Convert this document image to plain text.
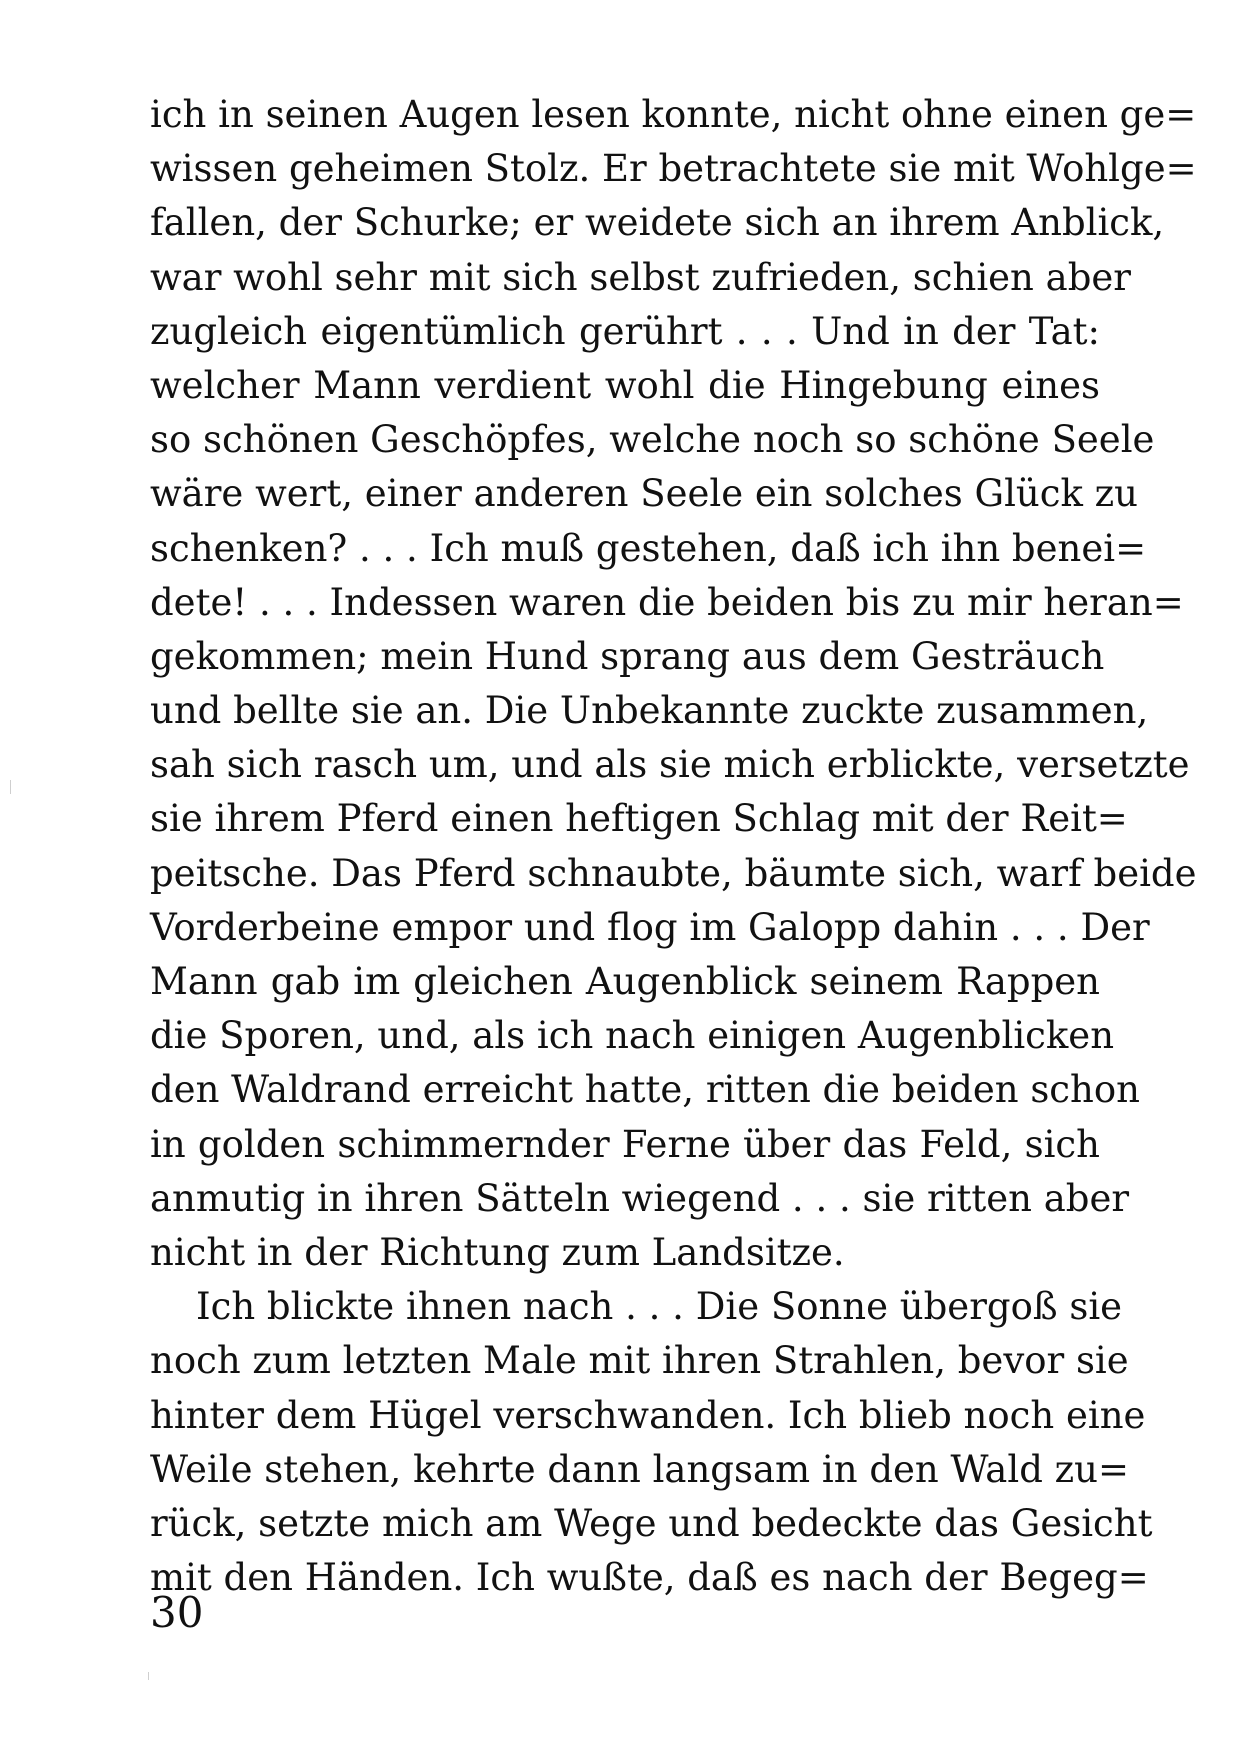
ich in seinen Augen lesen konnte, nicht ohne einen ge=
wissen geheimen Stolz. Er betrachtete sie mit Wohlge=
fallen, der Schurke; er weidete sich an ihrem Anblick,
war wohl sehr mit sich selbst zufrieden, schien aber
zugleich eigentümlich gerührt . . . Und in der Tat:
welcher Mann verdient wohl die Hingebung eines
so schönen Geschöpfes, welche noch so schöne Seele
wäre wert, einer anderen Seele ein solches Glück zu
schenken? . . . Ich muß gestehen, daß ich ihn benei=
dete! . . . Indessen waren die beiden bis zu mir heran=
gekommen; mein Hund sprang aus dem Gesträuch
und bellte sie an. Die Unbekannte zuckte zusammen,
sah sich rasch um, und als sie mich erblickte, versetzte
sie ihrem Pferd einen heftigen Schlag mit der Reit=
peitsche. Das Pferd schnaubte, bäumte sich, warf beide
Vorderbeine empor und flog im Galopp dahin . . . Der
Mann gab im gleichen Augenblick seinem Rappen
die Sporen, und, als ich nach einigen Augenblicken
den Waldrand erreicht hatte, ritten die beiden schon
in golden schimmernder Ferne über das Feld, sich
anmutig in ihren Sätteln wiegend . . . sie ritten aber
nicht in der Richtung zum Landsitze.
Ich blickte ihnen nach . . . Die Sonne übergoß sie
noch zum letzten Male mit ihren Strahlen, bevor sie
hinter dem Hügel verschwanden. Ich blieb noch eine
Weile stehen, kehrte dann langsam in den Wald zu=
rück, setzte mich am Wege und bedeckte das Gesicht
mit den Händen. Ich wußte, daß es nach der Begeg=
30
